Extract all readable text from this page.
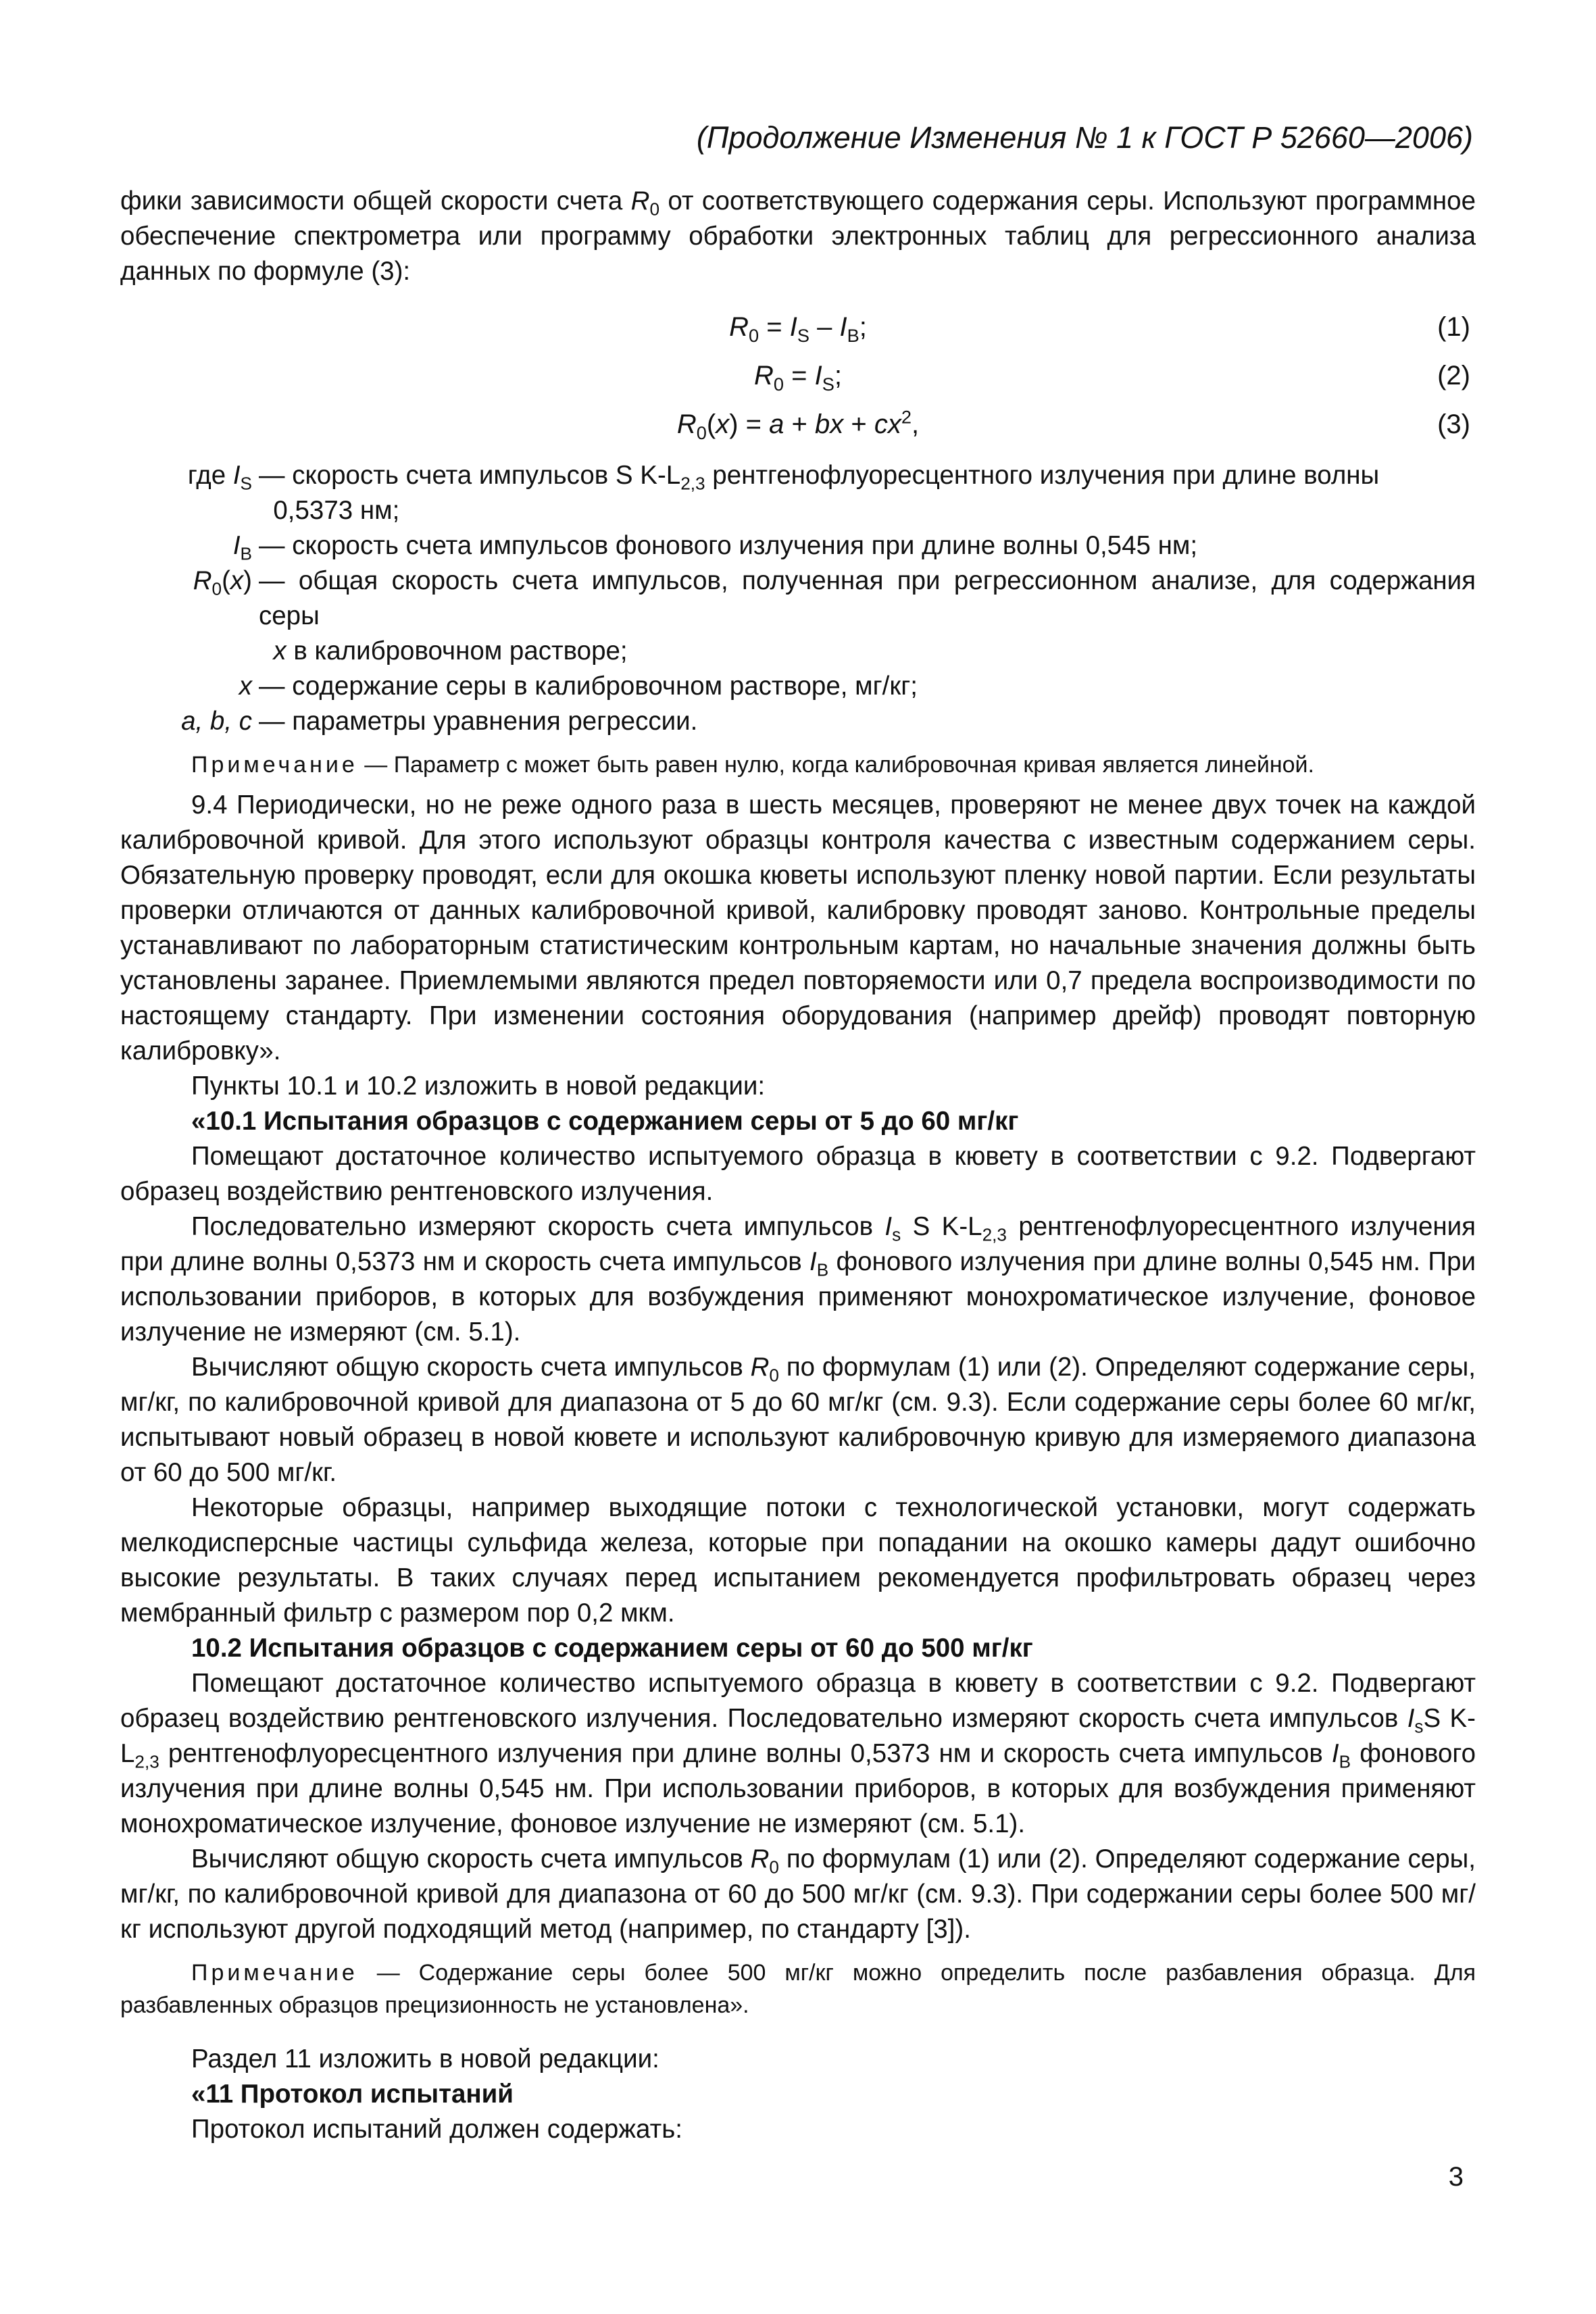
(Продолжение Изменения № 1 к ГОСТ Р 52660—2006)

фики зависимости общей скорости счета $R_0$ от соответствующего содержания серы. Используют программное обеспечение спектрометра или программу обработки электронных таблиц для регрессионного анализа данных по формуле (3):

$R_0 = I_S - I_B$;	(1)
$R_0 = I_S$;	(2)
$R_0(x) = a$ + bx + $cx^2$,	(3)
где $I_S$ — скорость счета импульсов S $K-L_{2,3}$ рентгенофлуоресцентного излучения при длине волны
0,5373 нм;
$I_B$ — скорость счета импульсов фонового излучения при длине волны 0,545 нм;
$R_0(x)$ — общая скорость счета импульсов, полученная при регрессионном анализе, для содержания серы
x в калибровочном растворе;
x — содержание серы в калибровочном растворе, мг/кг;
a, b, c — параметры уравнения регрессии.

Примечание — Параметр c может быть равен нулю, когда калибровочная кривая является линейной.

9.4 Периодически, но не реже одного раза в шесть месяцев, проверяют не менее двух точек на каждой калибровочной кривой. Для этого используют образцы контроля качества с известным содержанием серы. Обязательную проверку проводят, если для окошка кюветы используют пленку новой партии. Если результаты проверки отличаются от данных калибровочной кривой, калибровку проводят заново. Контрольные пределы устанавливают по лабораторным статистическим контрольным картам, но начальные значения должны быть установлены заранее. Приемлемыми являются предел повторяемости или 0,7 предела воспроизводимости по настоящему стандарту. При изменении состояния оборудования (например дрейф) проводят повторную калибровку».

Пункты 10.1 и 10.2 изложить в новой редакции:

«10.1 Испытания образцов с содержанием серы от 5 до 60 мг/кг

Помещают достаточное количество испытуемого образца в кювету в соответствии с 9.2. Подвергают образец воздействию рентгеновского излучения.

Последовательно измеряют скорость счета импульсов $I_s$ S $K-L_{2,3}$ рентгенофлуоресцентного излучения при длине волны 0,5373 нм и скорость счета импульсов $I_B$ фонового излучения при длине волны 0,545 нм. При использовании приборов, в которых для возбуждения применяют монохроматическое излучение, фоновое излучение не измеряют (см. 5.1).

Вычисляют общую скорость счета импульсов $R_0$ по формулам (1) или (2). Определяют содержание серы, мг/кг, по калибровочной кривой для диапазона от 5 до 60 мг/кг (см. 9.3). Если содержание серы более 60 мг/кг, испытывают новый образец в новой кювете и используют калибровочную кривую для измеряемого диапазона от 60 до 500 мг/кг.

Некоторые образцы, например выходящие потоки с технологической установки, могут содержать мелкодисперсные частицы сульфида железа, которые при попадании на окошко камеры дадут ошибочно высокие результаты. В таких случаях перед испытанием рекомендуется профильтровать образец через мембранный фильтр с размером пор 0,2 мкм.

10.2 Испытания образцов с содержанием серы от 60 до 500 мг/кг

Помещают достаточное количество испытуемого образца в кювету в соответствии с 9.2. Подвергают образец воздействию рентгеновского излучения. Последовательно измеряют скорость счета импульсов $I_sS$ $K-L_{2,3}$ рентгенофлуоресцентного излучения при длине волны 0,5373 нм и скорость счета импульсов $I_B$ фонового излучения при длине волны 0,545 нм. При использовании приборов, в которых для возбуждения применяют монохроматическое излучение, фоновое излучение не измеряют (см. 5.1).

Вычисляют общую скорость счета импульсов $R_0$ по формулам (1) или (2). Определяют содержание серы, мг/кг, по калибровочной кривой для диапазона от 60 до 500 мг/кг (см. 9.3). При содержании серы более 500 мг/кг используют другой подходящий метод (например, по стандарту [3]).

Примечание — Содержание серы более 500 мг/кг можно определить после разбавления образца. Для разбавленных образцов прецизионность не установлена».

Раздел 11 изложить в новой редакции:

«11 Протокол испытаний

Протокол испытаний должен содержать:

3
